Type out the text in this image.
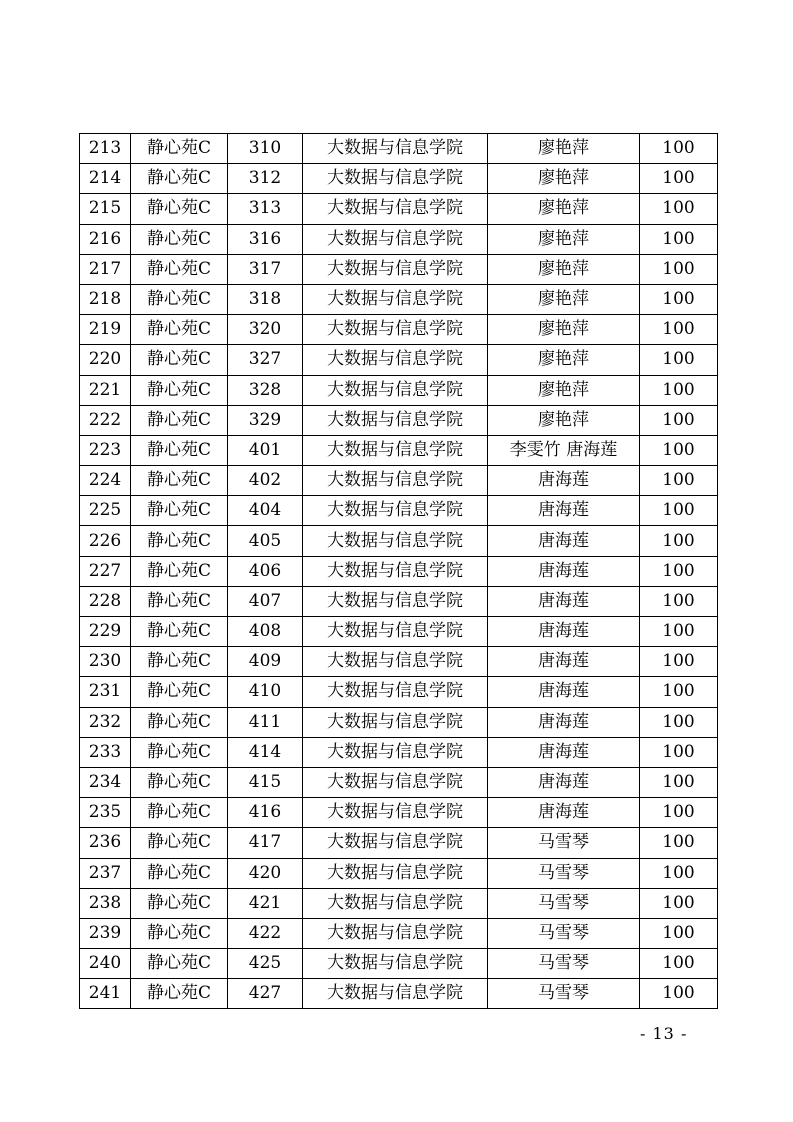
213	静心苑C	310	大数据与信息学院	廖艳萍	100
214	静心苑C	312	大数据与信息学院	廖艳萍	100
215	静心苑C	313	大数据与信息学院	廖艳萍	100
216	静心苑C	316	大数据与信息学院	廖艳萍	100
217	静心苑C	317	大数据与信息学院	廖艳萍	100
218	静心苑C	318	大数据与信息学院	廖艳萍	100
219	静心苑C	320	大数据与信息学院	廖艳萍	100
220	静心苑C	327	大数据与信息学院	廖艳萍	100
221	静心苑C	328	大数据与信息学院	廖艳萍	100
222	静心苑C	329	大数据与信息学院	廖艳萍	100
223	静心苑C	401	大数据与信息学院	李雯竹 唐海莲	100
224	静心苑C	402	大数据与信息学院	唐海莲	100
225	静心苑C	404	大数据与信息学院	唐海莲	100
226	静心苑C	405	大数据与信息学院	唐海莲	100
227	静心苑C	406	大数据与信息学院	唐海莲	100
228	静心苑C	407	大数据与信息学院	唐海莲	100
229	静心苑C	408	大数据与信息学院	唐海莲	100
230	静心苑C	409	大数据与信息学院	唐海莲	100
231	静心苑C	410	大数据与信息学院	唐海莲	100
232	静心苑C	411	大数据与信息学院	唐海莲	100
233	静心苑C	414	大数据与信息学院	唐海莲	100
234	静心苑C	415	大数据与信息学院	唐海莲	100
235	静心苑C	416	大数据与信息学院	唐海莲	100
236	静心苑C	417	大数据与信息学院	马雪琴	100
237	静心苑C	420	大数据与信息学院	马雪琴	100
238	静心苑C	421	大数据与信息学院	马雪琴	100
239	静心苑C	422	大数据与信息学院	马雪琴	100
240	静心苑C	425	大数据与信息学院	马雪琴	100
241	静心苑C	427	大数据与信息学院	马雪琴	100
- 13 -
